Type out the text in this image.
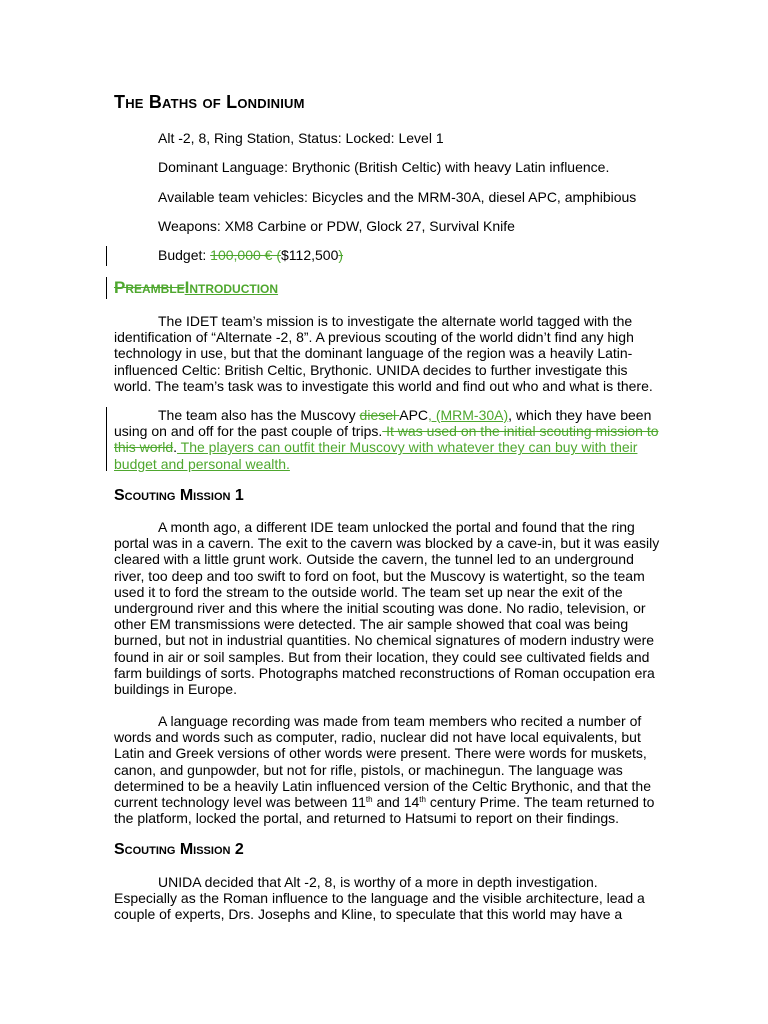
The Baths of Londinium

Alt -2, 8, Ring Station, Status: Locked: Level 1

Dominant Language: Brythonic (British Celtic) with heavy Latin influence.

Available team vehicles: Bicycles and the MRM-30A, diesel APC, amphibious

Weapons: XM8 Carbine or PDW, Glock 27, Survival Knife

Budget: 100,000 € ($112,500)

PreambleIntroduction

The IDET team’s mission is to investigate the alternate world tagged with the identification of “Alternate -2, 8”. A previous scouting of the world didn’t find any high technology in use, but that the dominant language of the region was a heavily Latin-influenced Celtic: British Celtic, Brythonic. UNIDA decides to further investigate this world. The team’s task was to investigate this world and find out who and what is there.

The team also has the Muscovy diesel APC, (MRM-30A), which they have been using on and off for the past couple of trips. It was used on the initial scouting mission to this world. The players can outfit their Muscovy with whatever they can buy with their budget and personal wealth.

Scouting Mission 1

A month ago, a different IDE team unlocked the portal and found that the ring portal was in a cavern. The exit to the cavern was blocked by a cave-in, but it was easily cleared with a little grunt work. Outside the cavern, the tunnel led to an underground river, too deep and too swift to ford on foot, but the Muscovy is watertight, so the team used it to ford the stream to the outside world. The team set up near the exit of the underground river and this where the initial scouting was done. No radio, television, or other EM transmissions were detected. The air sample showed that coal was being burned, but not in industrial quantities. No chemical signatures of modern industry were found in air or soil samples. But from their location, they could see cultivated fields and farm buildings of sorts. Photographs matched reconstructions of Roman occupation era buildings in Europe.

A language recording was made from team members who recited a number of words and words such as computer, radio, nuclear did not have local equivalents, but Latin and Greek versions of other words were present. There were words for muskets, canon, and gunpowder, but not for rifle, pistols, or machinegun. The language was determined to be a heavily Latin influenced version of the Celtic Brythonic, and that the current technology level was between 11th and 14th century Prime. The team returned to the platform, locked the portal, and returned to Hatsumi to report on their findings.

Scouting Mission 2

UNIDA decided that Alt -2, 8, is worthy of a more in depth investigation. Especially as the Roman influence to the language and the visible architecture, lead a couple of experts, Drs. Josephs and Kline, to speculate that this world may have a
